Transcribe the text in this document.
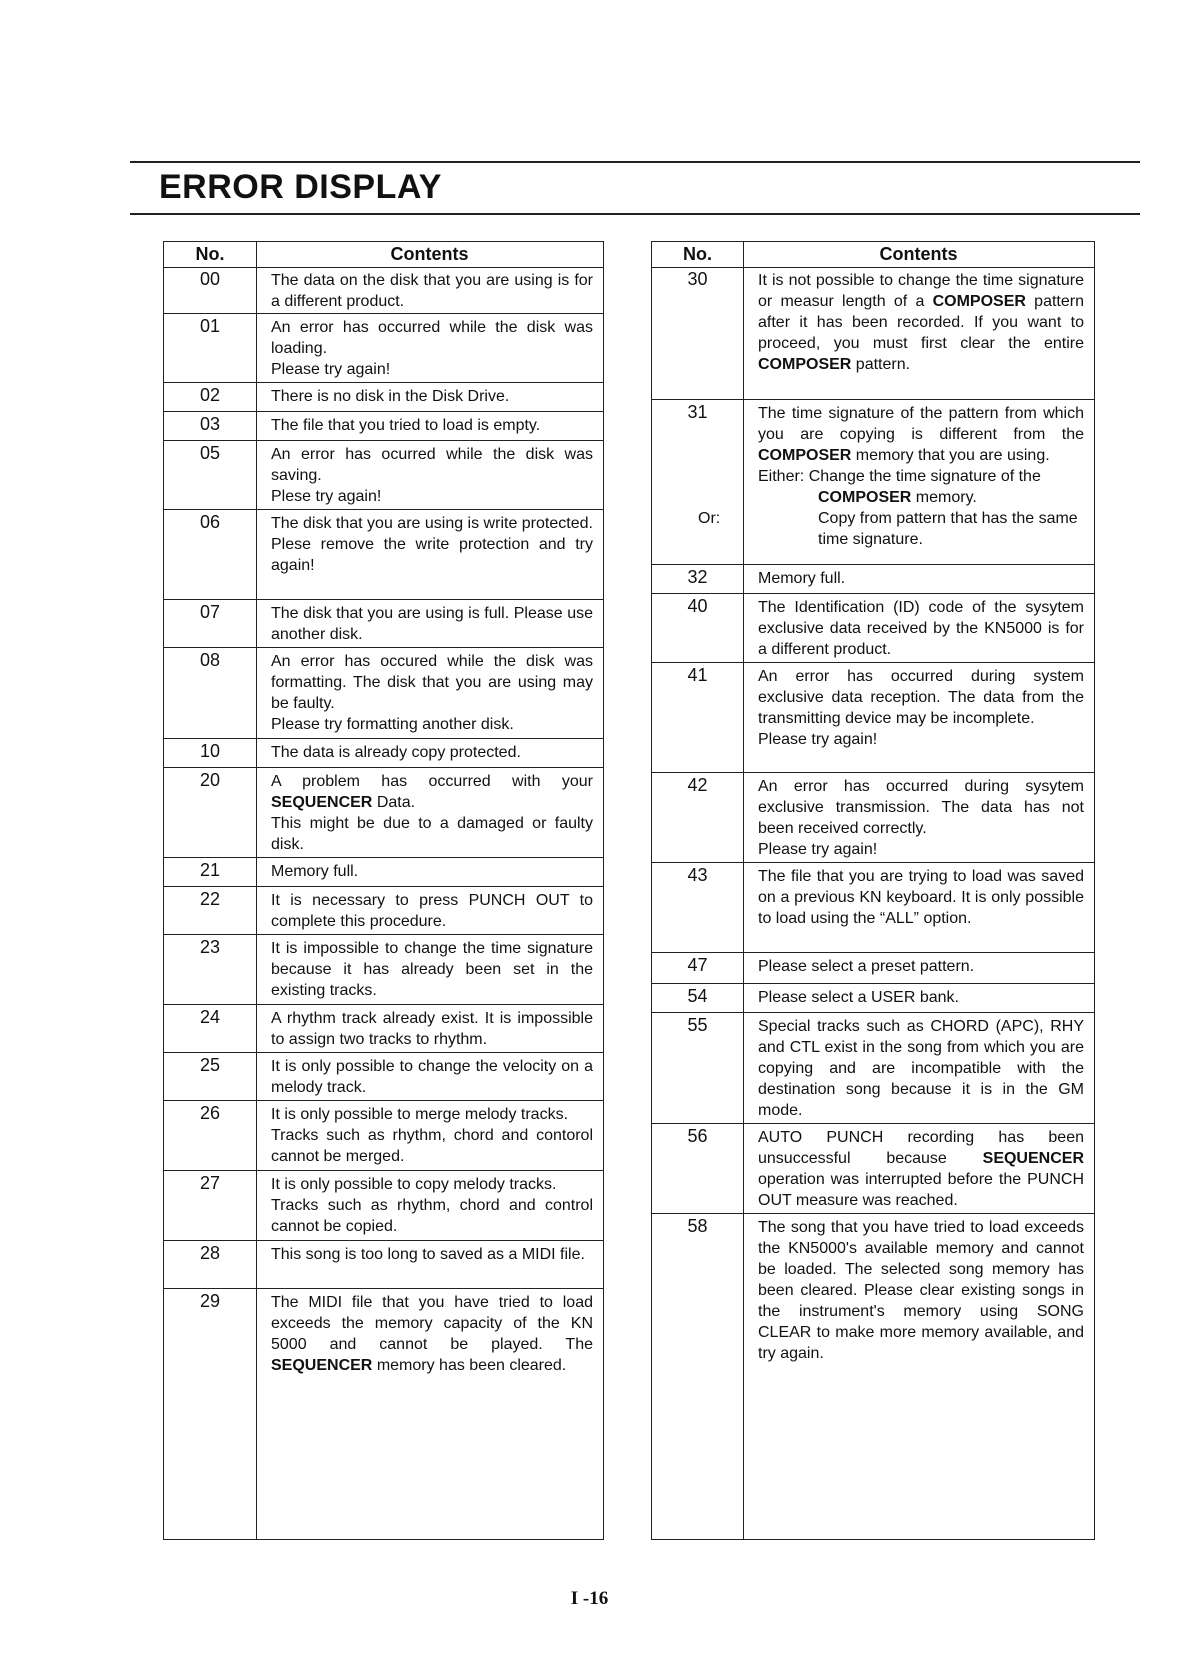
ERROR DISPLAY
No.	Contents
00	The data on the disk that you are using is for a different product.

01	An error has occurred while the disk was loading.

Please try again!

02	There is no disk in the Disk Drive.

03	The file that you tried to load is empty.

05	An error has ocurred while the disk was saving.

Plese try again!

06	The disk that you are using is write protected.

Plese remove the write protection and try again!

07	The disk that you are using is full. Please use another disk.

08	An error has occured while the disk was formatting. The disk that you are using may be faulty.

Please try formatting another disk.

10	The data is already copy protected.

20	A problem has occurred with your SEQUENCER Data.

This might be due to a damaged or faulty disk.

21	Memory full.

22	It is necessary to press PUNCH OUT to complete this procedure.

23	It is impossible to change the time signature because it has already been set in the existing tracks.

24	A rhythm track already exist. It is impossible to assign two tracks to rhythm.

25	It is only possible to change the velocity on a melody track.

26	It is only possible to merge melody tracks.

Tracks such as rhythm, chord and contorol cannot be merged.

27	It is only possible to copy melody tracks.

Tracks such as rhythm, chord and control cannot be copied.

28	This song is too long to saved as a MIDI file.

29	The MIDI file that you have tried to load exceeds the memory capacity of the KN 5000 and cannot be played. The SEQUENCER memory has been cleared.

No.	Contents
30	It is not possible to change the time signature or measur length of a COMPOSER pattern after it has been recorded. If you want to proceed, you must first clear the entire COMPOSER pattern.

31	The time signature of the pattern from which you are copying is different from the COMPOSER memory that you are using.

Either: Change the time signature of the COMPOSER memory.

Or:	Copy from pattern that has the same time signature.

32	Memory full.

40	The Identification (ID) code of the sysytem exclusive data received by the KN5000 is for a different product.

41	An error has occurred during system exclusive data reception. The data from the transmitting device may be incomplete.

Please try again!

42	An error has occurred during sysytem exclusive transmission. The data has not been received correctly.

Please try again!

43	The file that you are trying to load was saved on a previous KN keyboard. It is only possible to load using the “ALL” option.

47	Please select a preset pattern.

54	Please select a USER bank.

55	Special tracks such as CHORD (APC), RHY and CTL exist in the song from which you are copying and are incompatible with the destination song because it is in the GM mode.

56	AUTO PUNCH recording has been unsuccessful because SEQUENCER operation was interrupted before the PUNCH OUT measure was reached.

58	The song that you have tried to load exceeds the KN5000's available memory and cannot be loaded. The selected song memory has been cleared. Please clear existing songs in the instrument's memory using SONG CLEAR to make more memory available, and try again.

I -16
